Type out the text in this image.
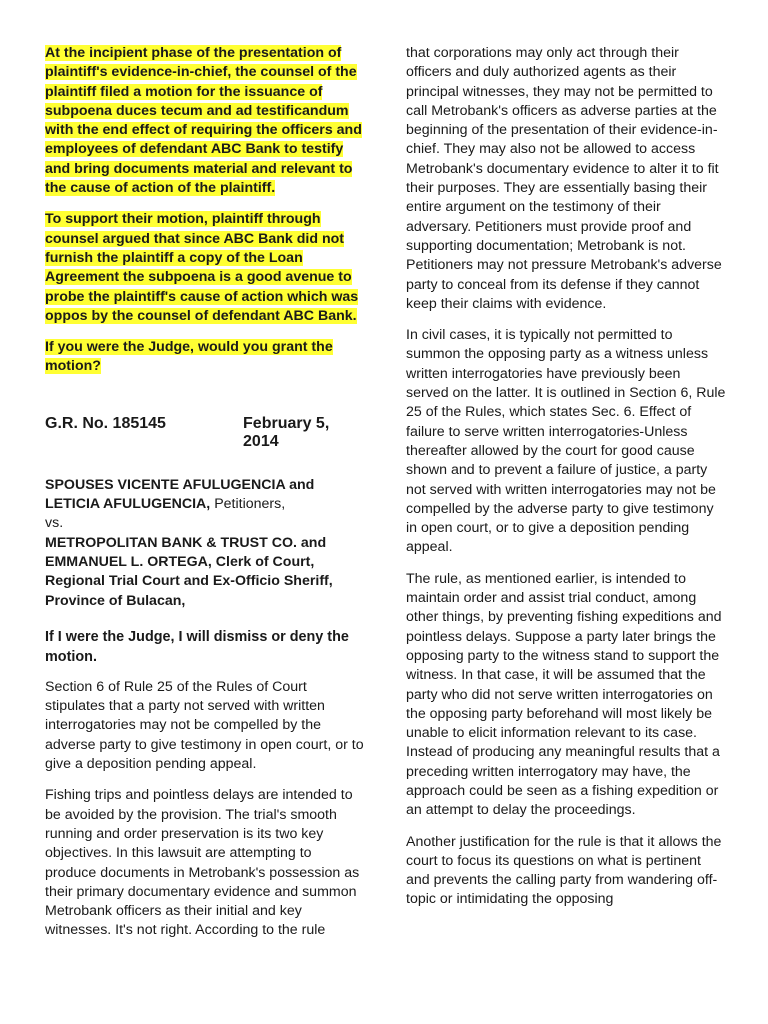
At the incipient phase of the presentation of plaintiff's evidence-in-chief, the counsel of the plaintiff filed a motion for the issuance of subpoena duces tecum and ad testificandum with the end effect of requiring the officers and employees of defendant ABC Bank to testify and bring documents material and relevant to the cause of action of the plaintiff.

To support their motion, plaintiff through counsel argued that since ABC Bank did not furnish the plaintiff a copy of the Loan Agreement the subpoena is a good avenue to probe the plaintiff's cause of action which was oppos by the counsel of defendant ABC Bank.

If you were the Judge, would you grant the motion?

G.R. No. 185145	February 5, 2014

SPOUSES VICENTE AFULUGENCIA and LETICIA AFULUGENCIA, Petitioners,

vs.

METROPOLITAN BANK & TRUST CO. and EMMANUEL L. ORTEGA, Clerk of Court, Regional Trial Court and Ex-Officio Sheriff, Province of Bulacan,

If I were the Judge, I will dismiss or deny the motion.

Section 6 of Rule 25 of the Rules of Court stipulates that a party not served with written interrogatories may not be compelled by the adverse party to give testimony in open court, or to give a deposition pending appeal.

Fishing trips and pointless delays are intended to be avoided by the provision. The trial's smooth running and order preservation is its two key objectives. In this lawsuit are attempting to produce documents in Metrobank's possession as their primary documentary evidence and summon Metrobank officers as their initial and key witnesses. It's not right. According to the rule

that corporations may only act through their officers and duly authorized agents as their principal witnesses, they may not be permitted to call Metrobank's officers as adverse parties at the beginning of the presentation of their evidence-in-chief. They may also not be allowed to access Metrobank's documentary evidence to alter it to fit their purposes. They are essentially basing their entire argument on the testimony of their adversary. Petitioners must provide proof and supporting documentation; Metrobank is not. Petitioners may not pressure Metrobank's adverse party to conceal from its defense if they cannot keep their claims with evidence.

In civil cases, it is typically not permitted to summon the opposing party as a witness unless written interrogatories have previously been served on the latter. It is outlined in Section 6, Rule 25 of the Rules, which states Sec. 6. Effect of failure to serve written interrogatories-Unless thereafter allowed by the court for good cause shown and to prevent a failure of justice, a party not served with written interrogatories may not be compelled by the adverse party to give testimony in open court, or to give a deposition pending appeal.

The rule, as mentioned earlier, is intended to maintain order and assist trial conduct, among other things, by preventing fishing expeditions and pointless delays. Suppose a party later brings the opposing party to the witness stand to support the witness. In that case, it will be assumed that the party who did not serve written interrogatories on the opposing party beforehand will most likely be unable to elicit information relevant to its case. Instead of producing any meaningful results that a preceding written interrogatory may have, the approach could be seen as a fishing expedition or an attempt to delay the proceedings.

Another justification for the rule is that it allows the court to focus its questions on what is pertinent and prevents the calling party from wandering off-topic or intimidating the opposing
